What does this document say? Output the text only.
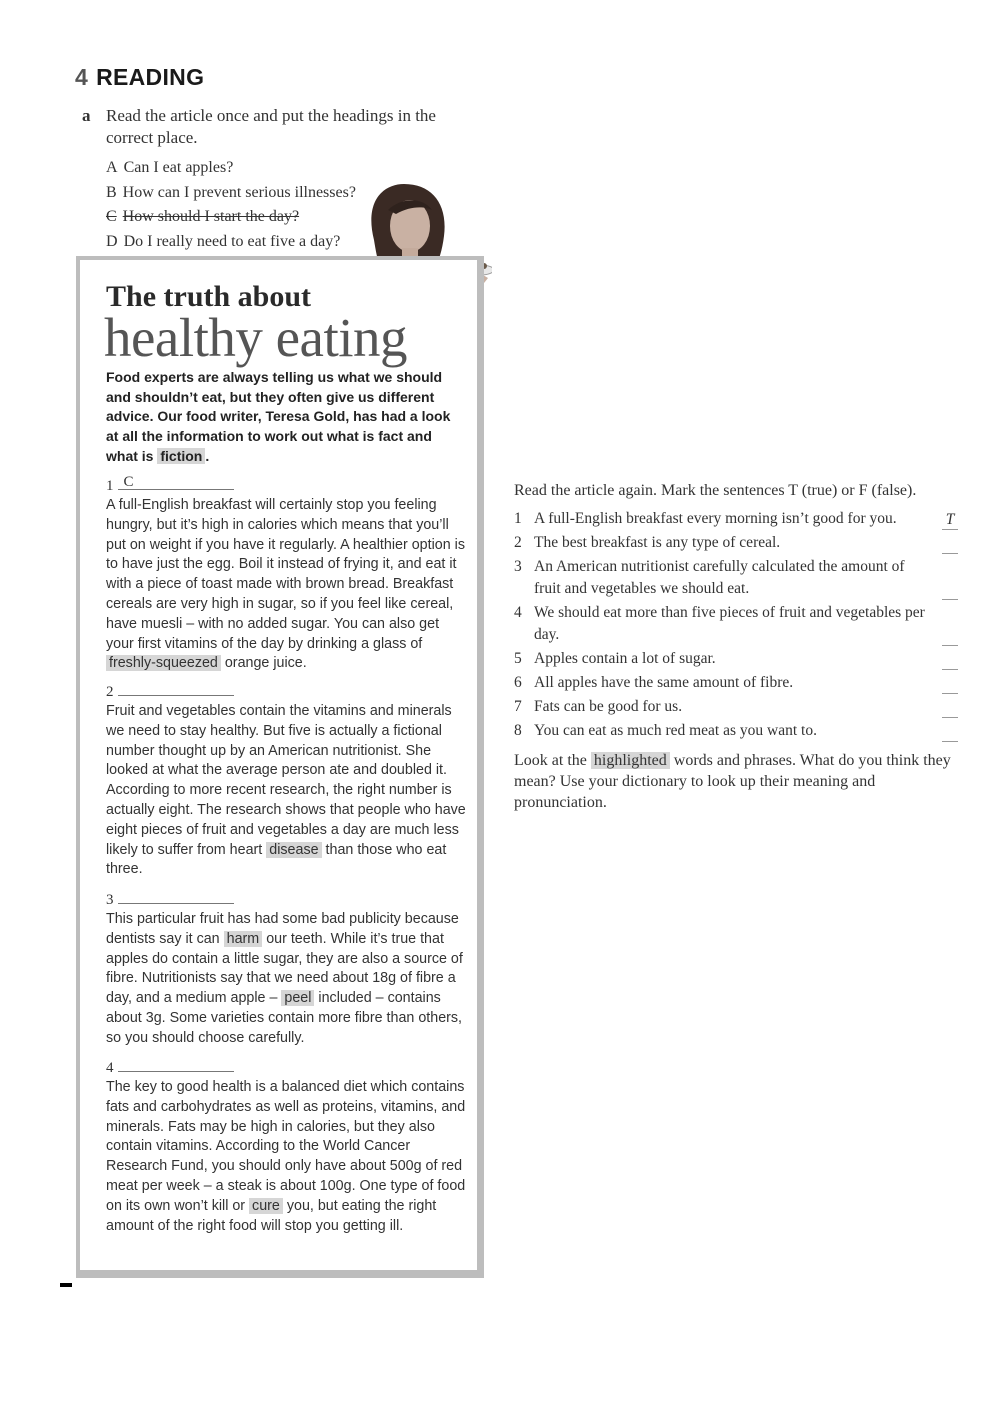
4 READING
a Read the article once and put the headings in the correct place.
A Can I eat apples?
B How can I prevent serious illnesses?
C How should I start the day?
D Do I really need to eat five a day?
The truth about
healthy eating
Food experts are always telling us what we should and shouldn’t eat, but they often give us different advice. Our food writer, Teresa Gold, has had a look at all the information to work out what is fact and what is fiction .
1 C
A full-English breakfast will certainly stop you feeling hungry, but it’s high in calories which means that you’ll put on weight if you have it regularly. A healthier option is to have just the egg. Boil it instead of frying it, and eat it with a piece of toast made with brown bread. Breakfast cereals are very high in sugar, so if you feel like cereal, have muesli – with no added sugar. You can also get your first vitamins of the day by drinking a glass of freshly-squeezed orange juice.
2
Fruit and vegetables contain the vitamins and minerals we need to stay healthy. But five is actually a fictional number thought up by an American nutritionist. She looked at what the average person ate and doubled it. According to more recent research, the right number is actually eight. The research shows that people who have eight pieces of fruit and vegetables a day are much less likely to suffer from heart disease than those who eat three.
3
This particular fruit has had some bad publicity because dentists say it can harm our teeth. While it’s true that apples do contain a little sugar, they are also a source of fibre. Nutritionists say that we need about 18g of fibre a day, and a medium apple – peel included – contains about 3g. Some varieties contain more fibre than others, so you should choose carefully.
4
The key to good health is a balanced diet which contains fats and carbohydrates as well as proteins, vitamins, and minerals. Fats may be high in calories, but they also contain vitamins. According to the World Cancer Research Fund, you should only have about 500g of red meat per week – a steak is about 100g. One type of food on its own won’t kill or cure you, but eating the right amount of the right food will stop you getting ill.
Read the article again. Mark the sentences T (true) or F (false).
1 A full-English breakfast every morning isn’t good for you.	T
2 The best breakfast is any type of cereal.
3 An American nutritionist carefully calculated the amount of fruit and vegetables we should eat.
4 We should eat more than five pieces of fruit and vegetables per day.
5 Apples contain a lot of sugar.
6 All apples have the same amount of fibre.
7 Fats can be good for us.
8 You can eat as much red meat as you want to.
Look at the highlighted words and phrases. What do you think they mean? Use your dictionary to look up their meaning and pronunciation.
